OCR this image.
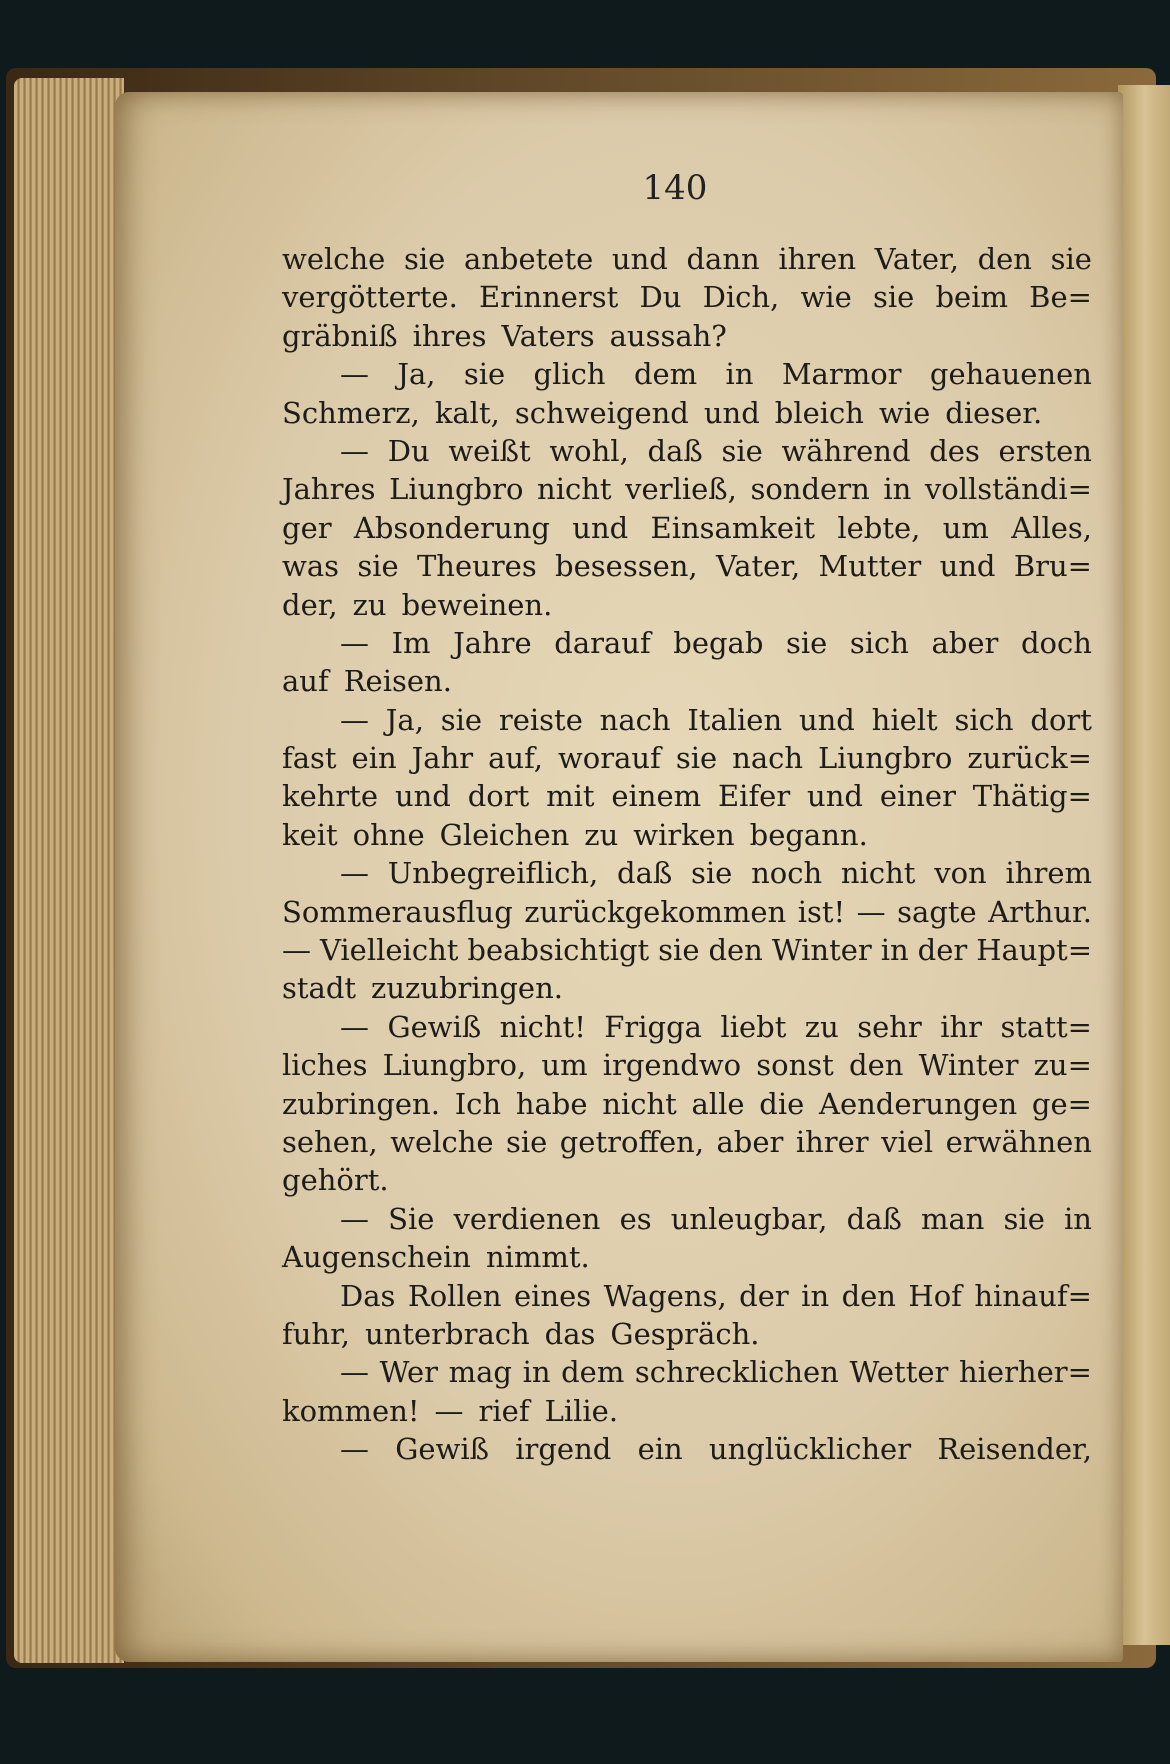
140
welche sie anbetete und dann ihren Vater, den sie
vergötterte. Erinnerst Du Dich, wie sie beim Be=
gräbniß ihres Vaters aussah?
— Ja, sie glich dem in Marmor gehauenen
Schmerz, kalt, schweigend und bleich wie dieser.
— Du weißt wohl, daß sie während des ersten
Jahres Liungbro nicht verließ, sondern in vollständi=
ger Absonderung und Einsamkeit lebte, um Alles,
was sie Theures besessen, Vater, Mutter und Bru=
der, zu beweinen.
— Im Jahre darauf begab sie sich aber doch
auf Reisen.
— Ja, sie reiste nach Italien und hielt sich dort
fast ein Jahr auf, worauf sie nach Liungbro zurück=
kehrte und dort mit einem Eifer und einer Thätig=
keit ohne Gleichen zu wirken begann.
— Unbegreiflich, daß sie noch nicht von ihrem
Sommerausflug zurückgekommen ist! — sagte Arthur.
— Vielleicht beabsichtigt sie den Winter in der Haupt=
stadt zuzubringen.
— Gewiß nicht! Frigga liebt zu sehr ihr statt=
liches Liungbro, um irgendwo sonst den Winter zu=
zubringen. Ich habe nicht alle die Aenderungen ge=
sehen, welche sie getroffen, aber ihrer viel erwähnen
gehört.
— Sie verdienen es unleugbar, daß man sie in
Augenschein nimmt.
Das Rollen eines Wagens, der in den Hof hinauf=
fuhr, unterbrach das Gespräch.
— Wer mag in dem schrecklichen Wetter hierher=
kommen! — rief Lilie.
— Gewiß irgend ein unglücklicher Reisender,
